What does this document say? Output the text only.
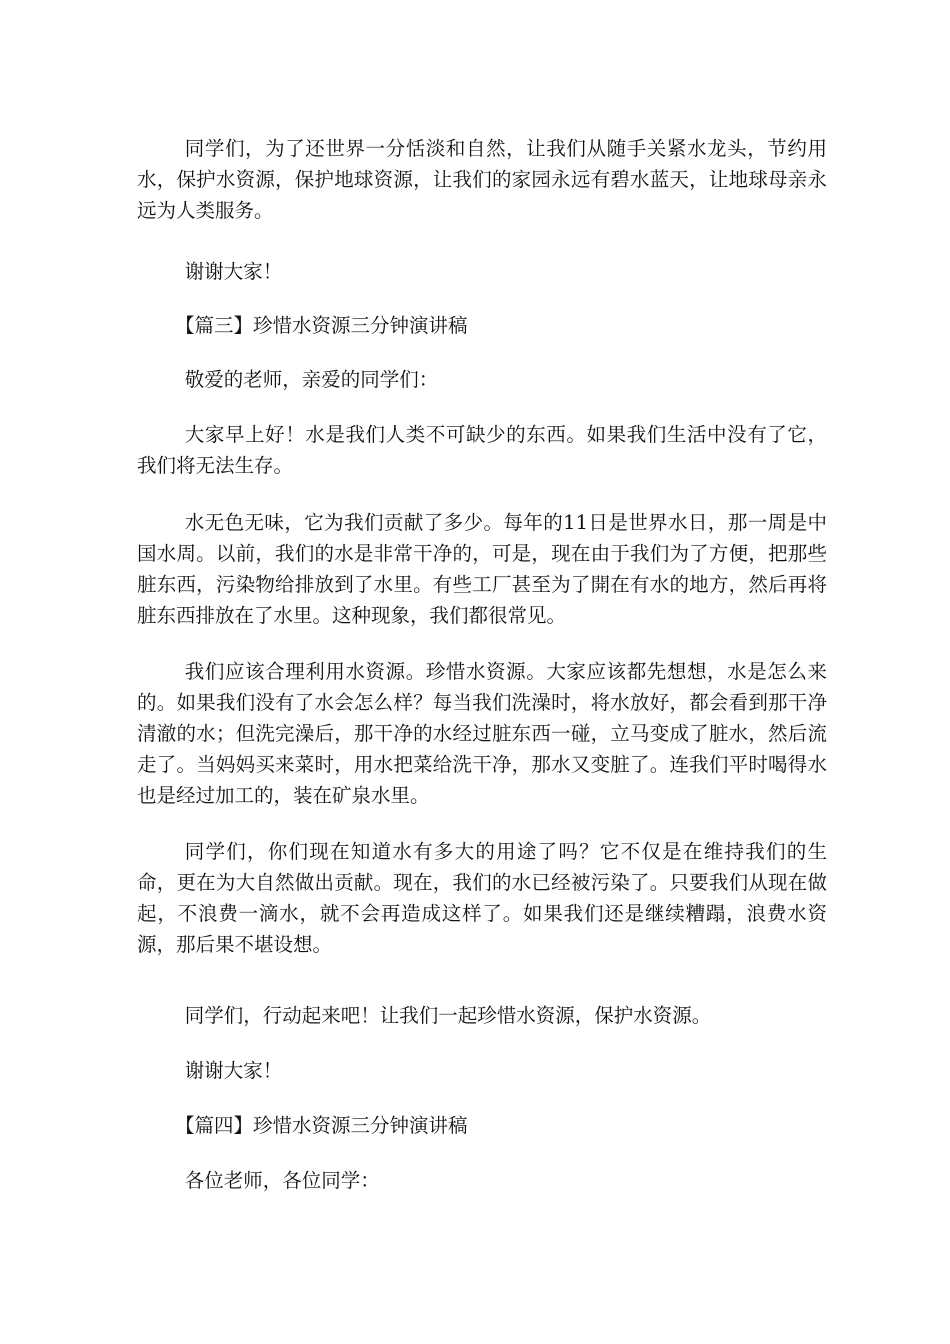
同学们，为了还世界一分恬淡和自然，让我们从随手关紧水龙头，节约用水，保护水资源，保护地球资源，让我们的家园永远有碧水蓝天，让地球母亲永远为人类服务。

谢谢大家！

【篇三】珍惜水资源三分钟演讲稿

敬爱的老师，亲爱的同学们：

大家早上好！水是我们人类不可缺少的东西。如果我们生活中没有了它，我们将无法生存。

水无色无味，它为我们贡献了多少。每年的11日是世界水日，那一周是中国水周。以前，我们的水是非常干净的，可是，现在由于我们为了方便，把那些脏东西，污染物给排放到了水里。有些工厂甚至为了開在有水的地方，然后再将脏东西排放在了水里。这种现象，我们都很常见。

我们应该合理利用水资源。珍惜水资源。大家应该都先想想，水是怎么来的。如果我们没有了水会怎么样？每当我们洗澡时，将水放好，都会看到那干净清澈的水；但洗完澡后，那干净的水经过脏东西一碰，立马变成了脏水，然后流走了。当妈妈买来菜时，用水把菜给洗干净，那水又变脏了。连我们平时喝得水也是经过加工的，装在矿泉水里。

同学们，你们现在知道水有多大的用途了吗？它不仅是在维持我们的生命，更在为大自然做出贡献。现在，我们的水已经被污染了。只要我们从现在做起，不浪费一滴水，就不会再造成这样了。如果我们还是继续糟蹋，浪费水资源，那后果不堪设想。

同学们，行动起来吧！让我们一起珍惜水资源，保护水资源。

谢谢大家！

【篇四】珍惜水资源三分钟演讲稿

各位老师，各位同学：
